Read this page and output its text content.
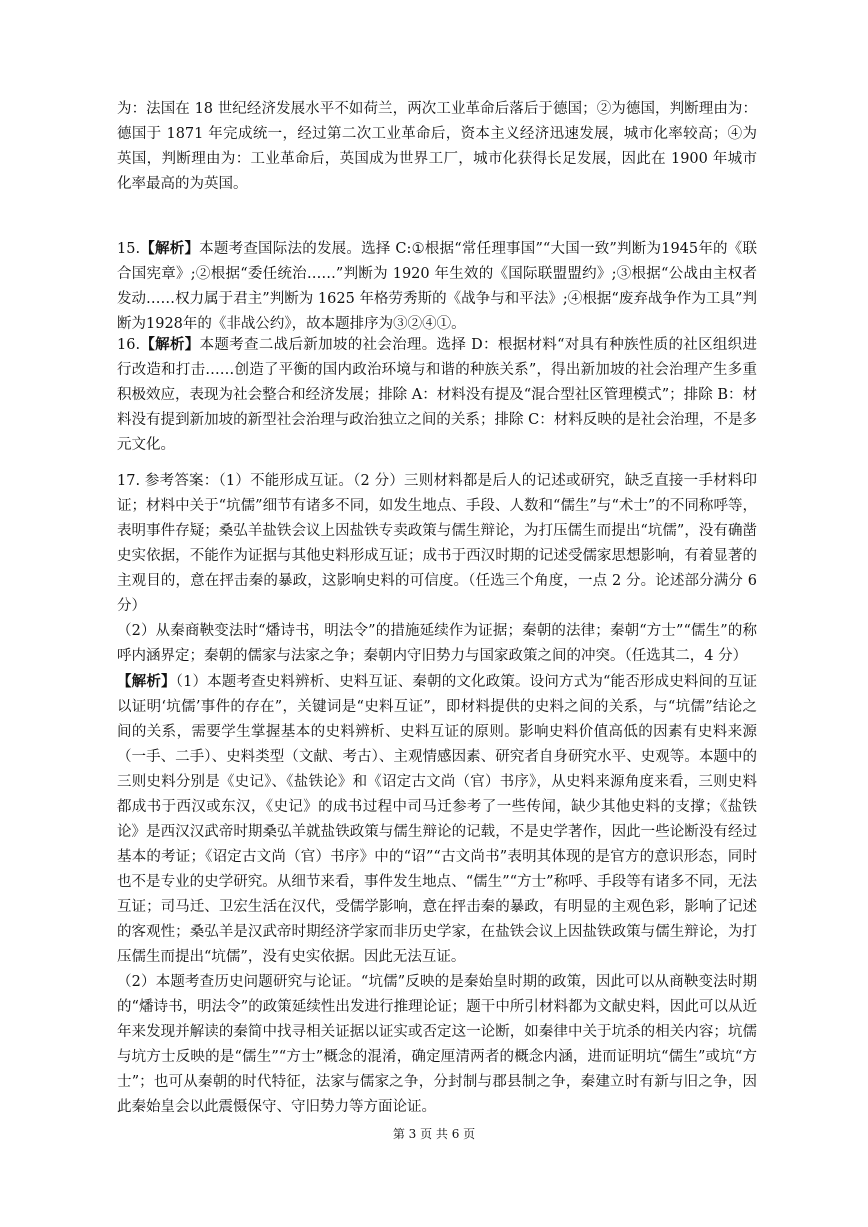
为：法国在 18 世纪经济发展水平不如荷兰，两次工业革命后落后于德国；②为德国，判断理由为：德国于 1871 年完成统一，经过第二次工业革命后，资本主义经济迅速发展，城市化率较高；④为英国，判断理由为：工业革命后，英国成为世界工厂，城市化获得长足发展，因此在 1900 年城市化率最高的为英国。

15.【解析】本题考查国际法的发展。选择 C:①根据“常任理事国”“大国一致”判断为1945年的《联合国宪章》;②根据“委任统治……”判断为 1920 年生效的《国际联盟盟约》;③根据“公战由主权者发动……权力属于君主”判断为 1625 年格劳秀斯的《战争与和平法》;④根据“废弃战争作为工具”判断为1928年的《非战公约》，故本题排序为③②④①。

16.【解析】本题考查二战后新加坡的社会治理。选择 D：根据材料“对具有种族性质的社区组织进行改造和打击……创造了平衡的国内政治环境与和谐的种族关系”，得出新加坡的社会治理产生多重积极效应，表现为社会整合和经济发展；排除 A：材料没有提及“混合型社区管理模式”；排除 B：材料没有提到新加坡的新型社会治理与政治独立之间的关系；排除 C：材料反映的是社会治理，不是多元文化。

17. 参考答案：（1）不能形成互证。（2 分）三则材料都是后人的记述或研究，缺乏直接一手材料印证；材料中关于“坑儒”细节有诸多不同，如发生地点、手段、人数和“儒生”与“术士”的不同称呼等，表明事件存疑；桑弘羊盐铁会议上因盐铁专卖政策与儒生辩论，为打压儒生而提出“坑儒”，没有确凿史实依据，不能作为证据与其他史料形成互证；成书于西汉时期的记述受儒家思想影响，有着显著的主观目的，意在抨击秦的暴政，这影响史料的可信度。（任选三个角度，一点 2 分。论述部分满分 6 分）

（2）从秦商鞅变法时“燔诗书，明法令”的措施延续作为证据；秦朝的法律；秦朝“方士”“儒生”的称呼内涵界定；秦朝的儒家与法家之争；秦朝内守旧势力与国家政策之间的冲突。（任选其二，4 分）

【解析】（1）本题考查史料辨析、史料互证、秦朝的文化政策。设问方式为“能否形成史料间的互证以证明‘坑儒’事件的存在”，关键词是“史料互证”，即材料提供的史料之间的关系，与“坑儒”结论之间的关系，需要学生掌握基本的史料辨析、史料互证的原则。影响史料价值高低的因素有史料来源（一手、二手）、史料类型（文献、考古）、主观情感因素、研究者自身研究水平、史观等。本题中的三则史料分别是《史记》、《盐铁论》和《诏定古文尚（官）书序》，从史料来源角度来看，三则史料都成书于西汉或东汉，《史记》的成书过程中司马迁参考了一些传闻，缺少其他史料的支撑；《盐铁论》是西汉汉武帝时期桑弘羊就盐铁政策与儒生辩论的记载，不是史学著作，因此一些论断没有经过基本的考证；《诏定古文尚（官）书序》中的“诏”“古文尚书”表明其体现的是官方的意识形态，同时也不是专业的史学研究。从细节来看，事件发生地点、“儒生”“方士”称呼、手段等有诸多不同，无法互证；司马迁、卫宏生活在汉代，受儒学影响，意在抨击秦的暴政，有明显的主观色彩，影响了记述的客观性；桑弘羊是汉武帝时期经济学家而非历史学家，在盐铁会议上因盐铁政策与儒生辩论，为打压儒生而提出“坑儒”，没有史实依据。因此无法互证。

（2）本题考查历史问题研究与论证。“坑儒”反映的是秦始皇时期的政策，因此可以从商鞅变法时期的“燔诗书，明法令”的政策延续性出发进行推理论证；题干中所引材料都为文献史料，因此可以从近年来发现并解读的秦简中找寻相关证据以证实或否定这一论断，如秦律中关于坑杀的相关内容；坑儒与坑方士反映的是“儒生”“方士”概念的混淆，确定厘清两者的概念内涵，进而证明坑“儒生”或坑“方士”；也可从秦朝的时代特征，法家与儒家之争，分封制与郡县制之争，秦建立时有新与旧之争，因此秦始皇会以此震慑保守、守旧势力等方面论证。

第 3 页 共 6 页
